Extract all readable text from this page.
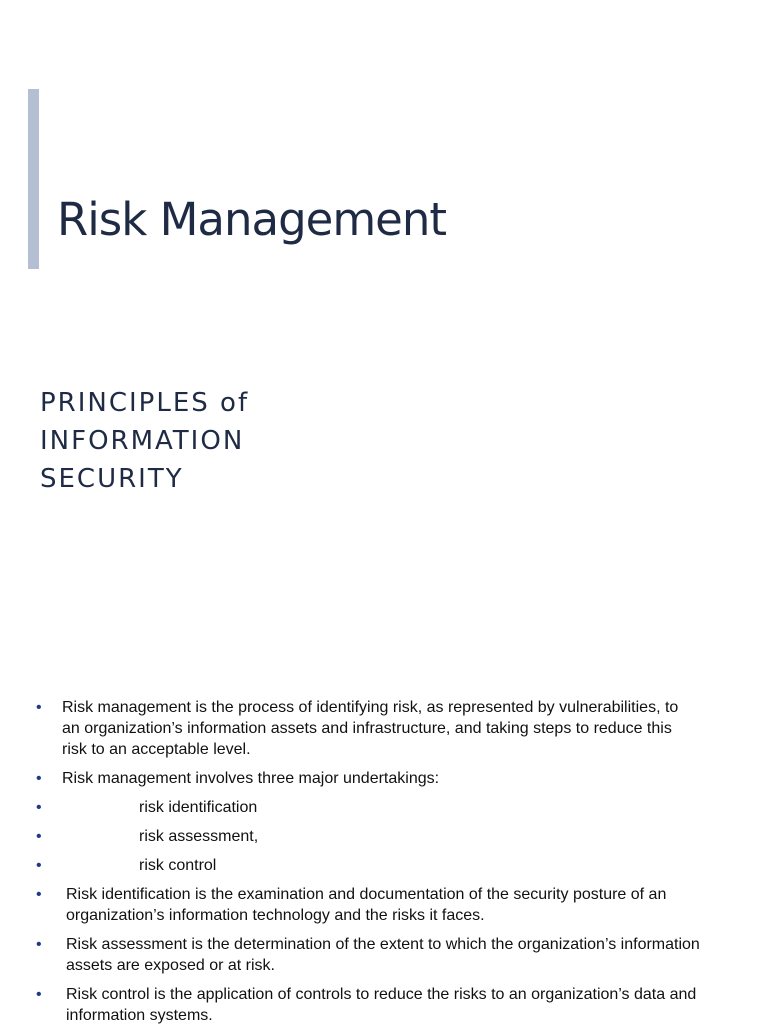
Risk Management
PRINCIPLES of
INFORMATION
SECURITY
• Risk management is the process of identifying risk, as represented by vulnerabilities, to an organization’s information assets and infrastructure, and taking steps to reduce this risk to an acceptable level.
• Risk management involves three major undertakings:
•	risk identification
•	risk assessment,
•	risk control
• Risk identification is the examination and documentation of the security posture of an organization’s information technology and the risks it faces.
• Risk assessment is the determination of the extent to which the organization’s information assets are exposed or at risk.
• Risk control is the application of controls to reduce the risks to an organization’s data and information systems.
